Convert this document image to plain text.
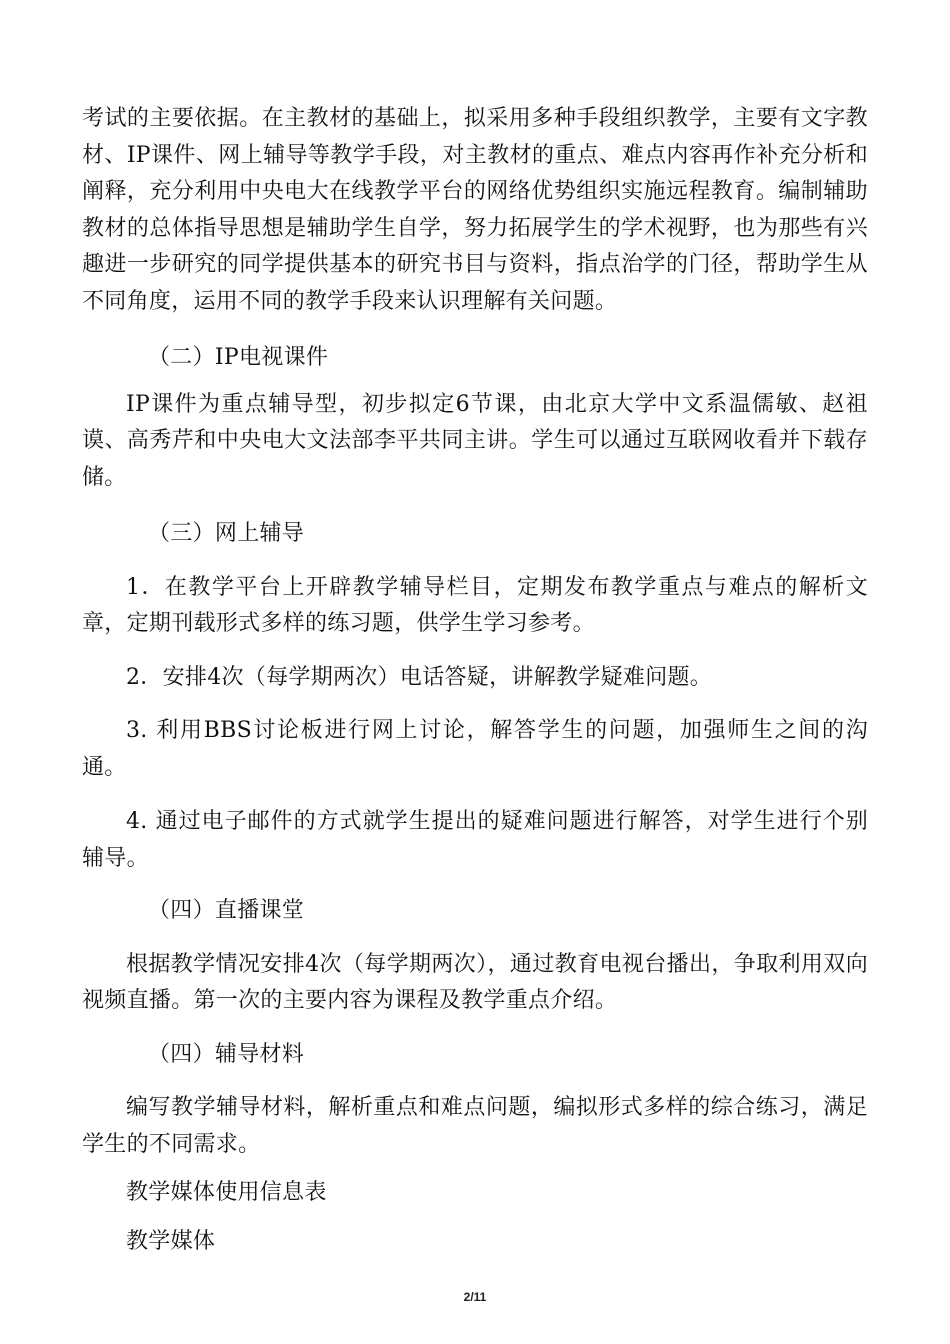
考试的主要依据。在主教材的基础上，拟采用多种手段组织教学，主要有文字教材、IP课件、网上辅导等教学手段，对主教材的重点、难点内容再作补充分析和阐释，充分利用中央电大在线教学平台的网络优势组织实施远程教育。编制辅助教材的总体指导思想是辅助学生自学，努力拓展学生的学术视野，也为那些有兴趣进一步研究的同学提供基本的研究书目与资料，指点治学的门径，帮助学生从不同角度，运用不同的教学手段来认识理解有关问题。

（二）IP电视课件

IP课件为重点辅导型，初步拟定6节课，由北京大学中文系温儒敏、赵祖谟、高秀芹和中央电大文法部李平共同主讲。学生可以通过互联网收看并下载存储。

（三）网上辅导

1．在教学平台上开辟教学辅导栏目，定期发布教学重点与难点的解析文章，定期刊载形式多样的练习题，供学生学习参考。

2．安排4次（每学期两次）电话答疑，讲解教学疑难问题。

3. 利用BBS讨论板进行网上讨论，解答学生的问题，加强师生之间的沟通。

4. 通过电子邮件的方式就学生提出的疑难问题进行解答，对学生进行个别辅导。

（四）直播课堂

根据教学情况安排4次（每学期两次），通过教育电视台播出，争取利用双向视频直播。第一次的主要内容为课程及教学重点介绍。

（四）辅导材料

编写教学辅导材料，解析重点和难点问题，编拟形式多样的综合练习，满足学生的不同需求。

教学媒体使用信息表

教学媒体

2/11
